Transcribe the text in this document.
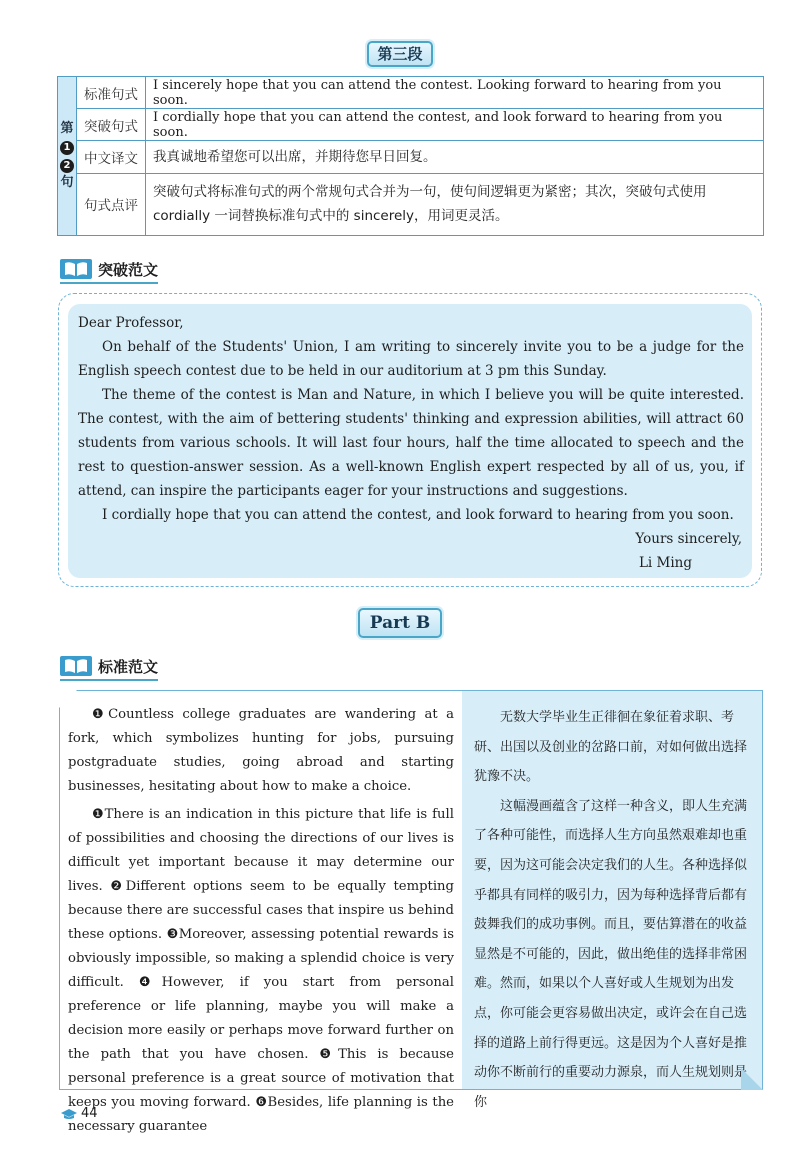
第三段
第
1
2
句	标准句式	I sincerely hope that you can attend the contest. Looking forward to hearing from you soon.
	突破句式	I cordially hope that you can attend the contest, and look forward to hearing from you soon.
	中文译文	我真诚地希望您可以出席，并期待您早日回复。
	句式点评	突破句式将标准句式的两个常规句式合并为一句，使句间逻辑更为紧密；其次，突破句式使用 cordially 一词替换标准句式中的 sincerely，用词更灵活。
突破范文

Dear Professor,

On behalf of the Students' Union, I am writing to sincerely invite you to be a judge for the English speech contest due to be held in our auditorium at 3 pm this Sunday.

The theme of the contest is Man and Nature, in which I believe you will be quite interested. The contest, with the aim of bettering students' thinking and expression abilities, will attract 60 students from various schools. It will last four hours, half the time allocated to speech and the rest to question-answer session. As a well-known English expert respected by all of us, you, if attend, can inspire the participants eager for your instructions and suggestions.

I cordially hope that you can attend the contest, and look forward to hearing from you soon.

Yours sincerely,

Li Ming

Part B
标准范文

❶Countless college graduates are wandering at a fork, which symbolizes hunting for jobs, pursuing postgraduate studies, going abroad and starting businesses, hesitating about how to make a choice.

❶There is an indication in this picture that life is full of possibilities and choosing the directions of our lives is difficult yet important because it may determine our lives. ❷Different options seem to be equally tempting because there are successful cases that inspire us behind these options. ❸Moreover, assessing potential rewards is obviously impossible, so making a splendid choice is very difficult. ❹However, if you start from personal preference or life planning, maybe you will make a decision more easily or perhaps move forward further on the path that you have chosen. ❺This is because personal preference is a great source of motivation that keeps you moving forward. ❻Besides, life planning is the necessary guarantee

无数大学毕业生正徘徊在象征着求职、考研、出国以及创业的岔路口前，对如何做出选择犹豫不决。

这幅漫画蕴含了这样一种含义，即人生充满了各种可能性，而选择人生方向虽然艰难却也重要，因为这可能会决定我们的人生。各种选择似乎都具有同样的吸引力，因为每种选择背后都有鼓舞我们的成功事例。而且，要估算潜在的收益显然是不可能的，因此，做出绝佳的选择非常困难。然而，如果以个人喜好或人生规划为出发点，你可能会更容易做出决定，或许会在自己选择的道路上前行得更远。这是因为个人喜好是推动你不断前行的重要动力源泉，而人生规划则是你

44
